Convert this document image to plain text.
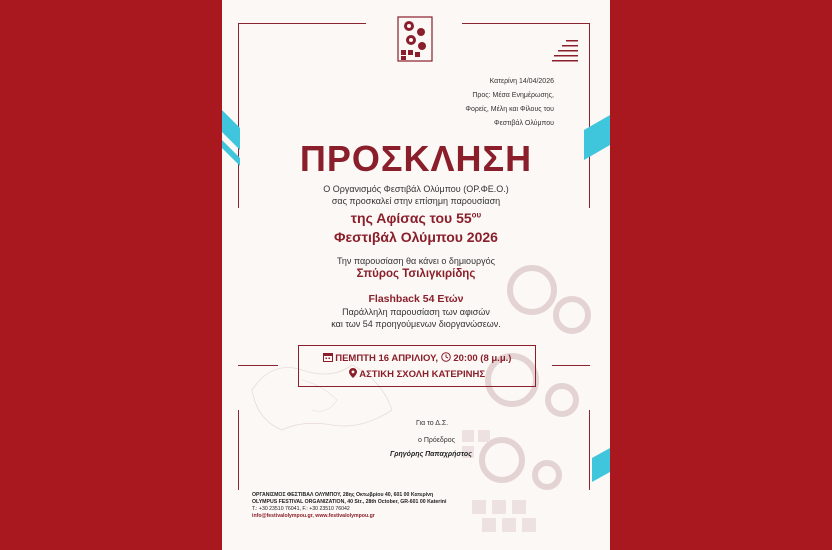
Κατερίνη 14/04/2026

Προς: Μέσα Ενημέρωσης,

Φορείς, Μέλη και Φίλους του

Φεστιβάλ Ολύμπου

ΠΡΟΣΚΛΗΣΗ

Ο Οργανισμός Φεστιβάλ Ολύμπου (ΟΡ.ΦΕ.Ο.)

σας προσκαλεί στην επίσημη παρουσίαση

της Αφίσας του $55^{o\upsilon}$

Φεστιβάλ Ολύμπου 2026

Την παρουσίαση θα κάνει ο δημιουργός

Σπύρος Τσιλιγκιρίδης

Flashback 54 Ετών

Παράλληλη παρουσίαση των αφισών

και των 54 προηγούμενων διοργανώσεων.

ΠΕΜΠΤΗ 16 ΑΠΡΙΛΙΟΥ, 20:00 (8 μ.μ.)
ΑΣΤΙΚΗ ΣΧΟΛΗ ΚΑΤΕΡΙΝΗΣ

Για το Δ.Σ.

ο Πρόεδρος

Γρηγόρης Παπαχρήστος

ΟΡΓΑΝΙΣΜΟΣ ΦΕΣΤΙΒΑΛ ΟΛΥΜΠΟΥ, 28ης Οκτωβρίου 40, 601 00 Κατερίνη
OLYMPUS FESTIVAL ORGANIZATION, 40 Str., 28th October, GR-601 00 Katerini
T.: +30 23510 76041, F.: +30 23510 76042
info@festivalolympou.gr, www.festivalolympou.gr
